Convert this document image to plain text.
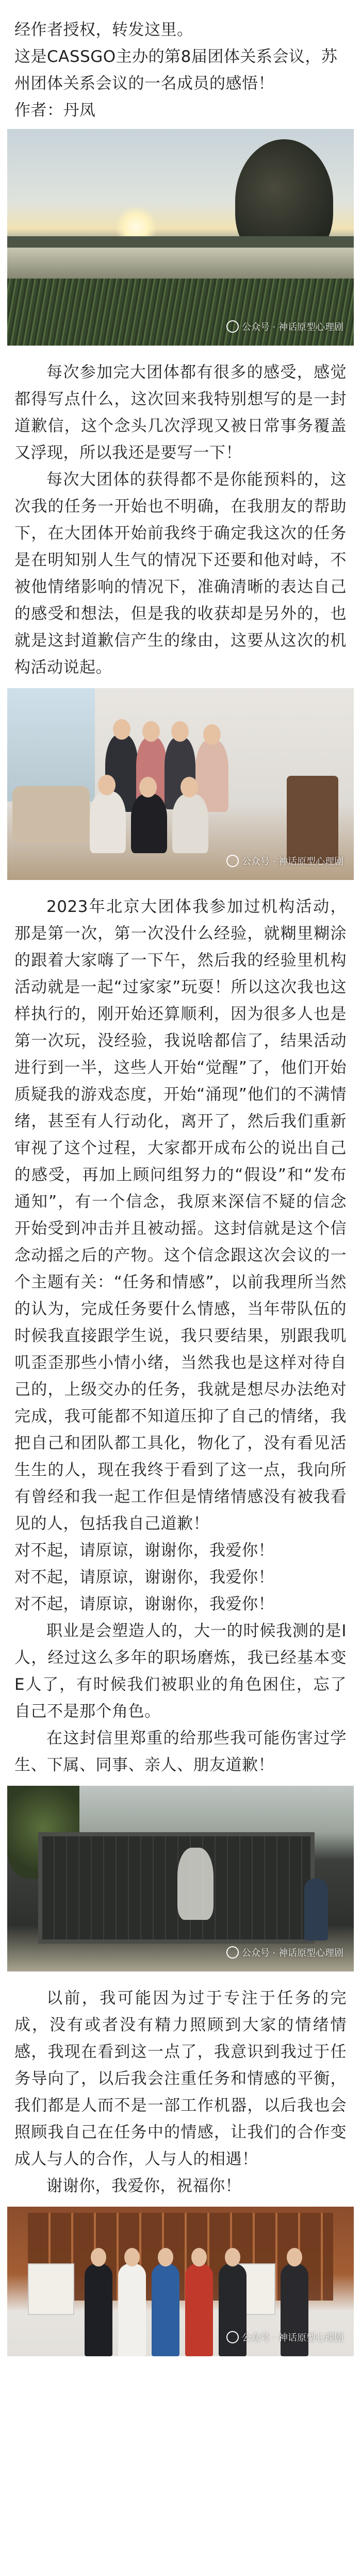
经作者授权，转发这里。

这是CASSGO主办的第8届团体关系会议，苏州团体关系会议的一名成员的感悟！

作者：丹凤

公众号 · 神话原型心理剧

每次参加完大团体都有很多的感受，感觉都得写点什么，这次回来我特别想写的是一封道歉信，这个念头几次浮现又被日常事务覆盖又浮现，所以我还是要写一下！

每次大团体的获得都不是你能预料的，这次我的任务一开始也不明确，在我朋友的帮助下，在大团体开始前我终于确定我这次的任务是在明知别人生气的情况下还要和他对峙，不被他情绪影响的情况下，准确清晰的表达自己的感受和想法，但是我的收获却是另外的，也就是这封道歉信产生的缘由，这要从这次的机构活动说起。

公众号 · 神话原型心理剧

2023年北京大团体我参加过机构活动，那是第一次，第一次没什么经验，就糊里糊涂的跟着大家嗨了一下午，然后我的经验里机构活动就是一起“过家家”玩耍！所以这次我也这样执行的，刚开始还算顺利，因为很多人也是第一次玩，没经验，我说啥都信了，结果活动进行到一半，这些人开始“觉醒”了，他们开始质疑我的游戏态度，开始“涌现”他们的不满情绪，甚至有人行动化，离开了，然后我们重新审视了这个过程，大家都开成布公的说出自己的感受，再加上顾问组努力的“假设”和“发布通知”，有一个信念，我原来深信不疑的信念开始受到冲击并且被动摇。这封信就是这个信念动摇之后的产物。这个信念跟这次会议的一个主题有关：“任务和情感”，以前我理所当然的认为，完成任务要什么情感，当年带队伍的时候我直接跟学生说，我只要结果，别跟我叽叽歪歪那些小情小绪，当然我也是这样对待自己的，上级交办的任务，我就是想尽办法绝对完成，我可能都不知道压抑了自己的情绪，我把自己和团队都工具化，物化了，没有看见活生生的人，现在我终于看到了这一点，我向所有曾经和我一起工作但是情绪情感没有被我看见的人，包括我自己道歉！

对不起，请原谅，谢谢你，我爱你！

对不起，请原谅，谢谢你，我爱你！

对不起，请原谅，谢谢你，我爱你！

职业是会塑造人的，大一的时候我测的是I人，经过这么多年的职场磨炼，我已经基本变E人了，有时候我们被职业的角色困住，忘了自己不是那个角色。

在这封信里郑重的给那些我可能伤害过学生、下属、同事、亲人、朋友道歉！

公众号 · 神话原型心理剧

以前，我可能因为过于专注于任务的完成，没有或者没有精力照顾到大家的情绪情感，我现在看到这一点了，我意识到我过于任务导向了，以后我会注重任务和情感的平衡，我们都是人而不是一部工作机器，以后我也会照顾我自己在任务中的情感，让我们的合作变成人与人的合作，人与人的相遇！

谢谢你，我爱你，祝福你！

公众号 · 神话原型心理剧
